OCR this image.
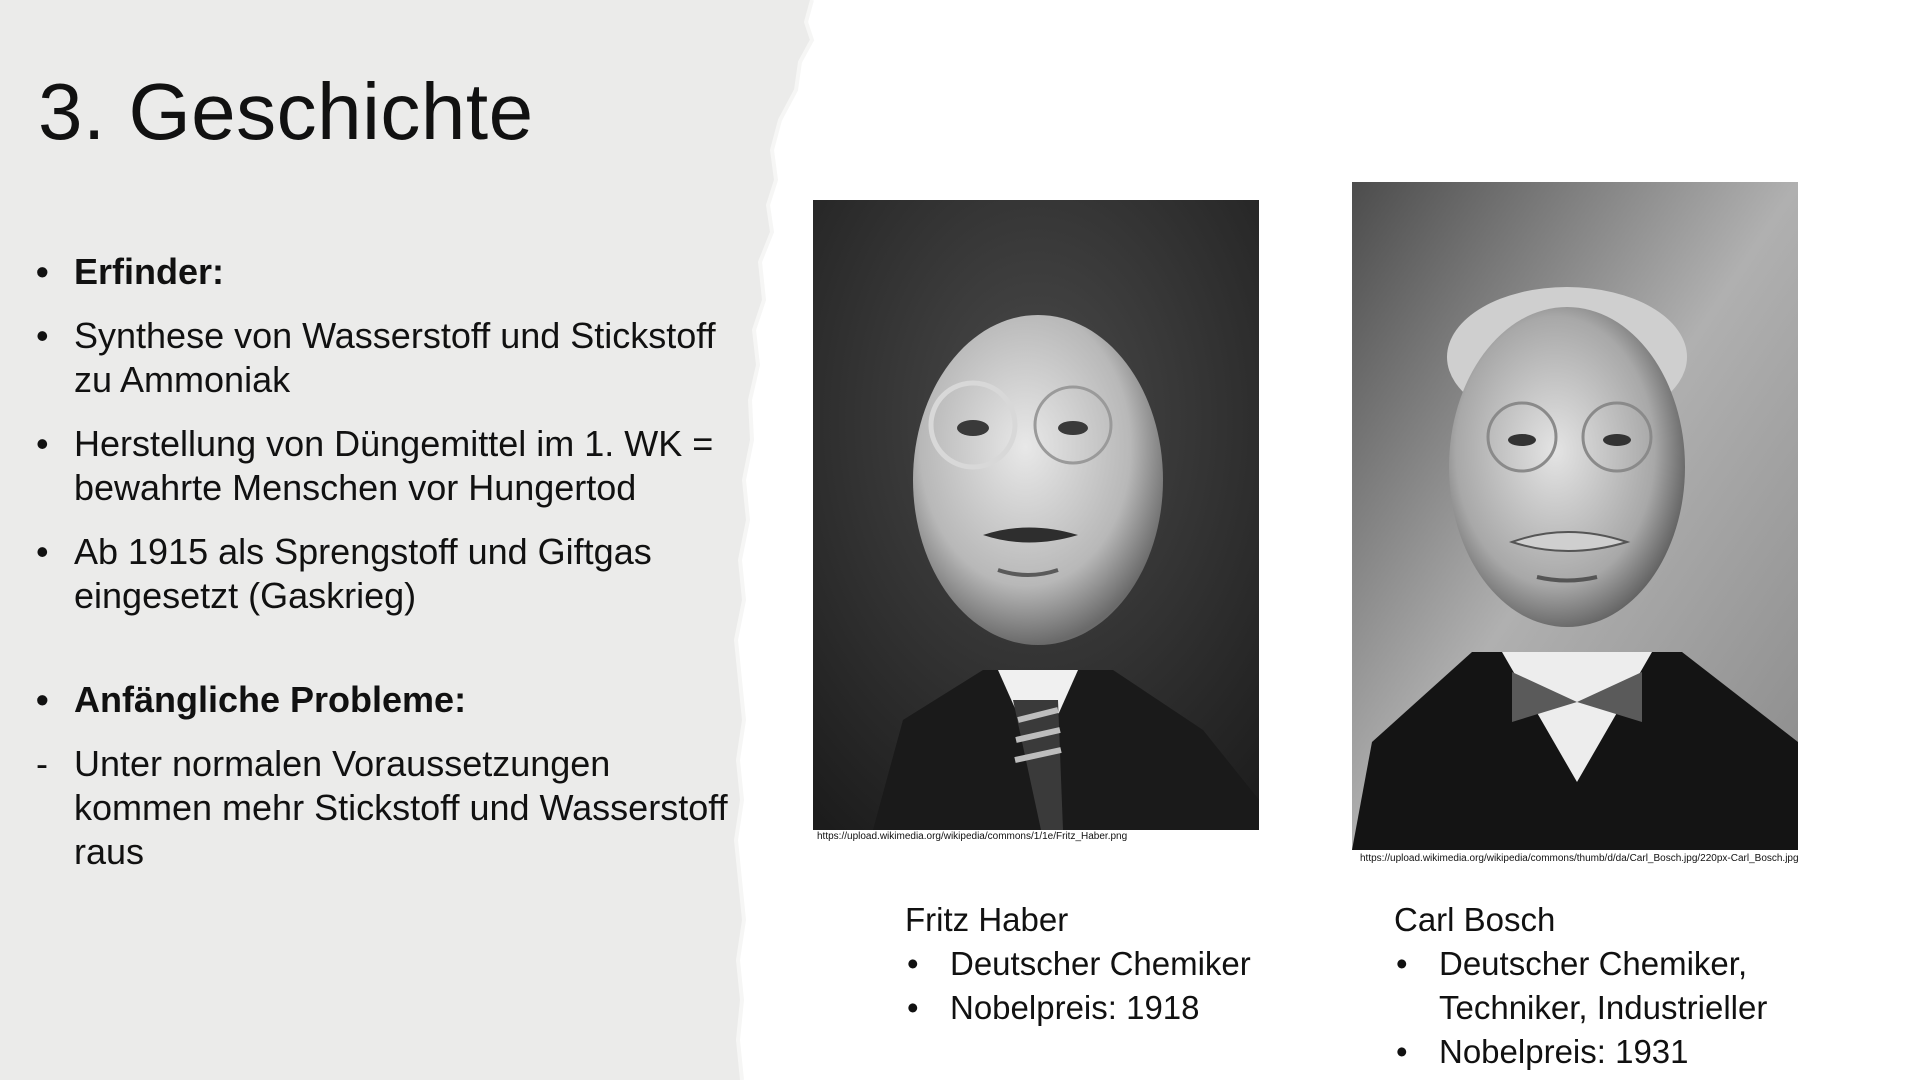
3. Geschichte
• Erfinder:
• Synthese von Wasserstoff und Stickstoff zu Ammoniak
• Herstellung von Düngemittel im 1. WK = bewahrte Menschen vor Hungertod
• Ab 1915 als Sprengstoff und Giftgas eingesetzt (Gaskrieg)
• Anfängliche Probleme:
- Unter normalen Voraussetzungen kommen mehr Stickstoff und Wasserstoff raus	https://upload.wikimedia.org/wikipedia/commons/1/1e/Fritz_Haber.png
https://upload.wikimedia.org/wikipedia/commons/thumb/d/da/Carl_Bosch.jpg/220px-Carl_Bosch.jpg
Fritz Haber
• Deutscher Chemiker
• Nobelpreis: 1918
Carl Bosch
• Deutscher Chemiker, Techniker, Industrieller
• Nobelpreis: 1931
